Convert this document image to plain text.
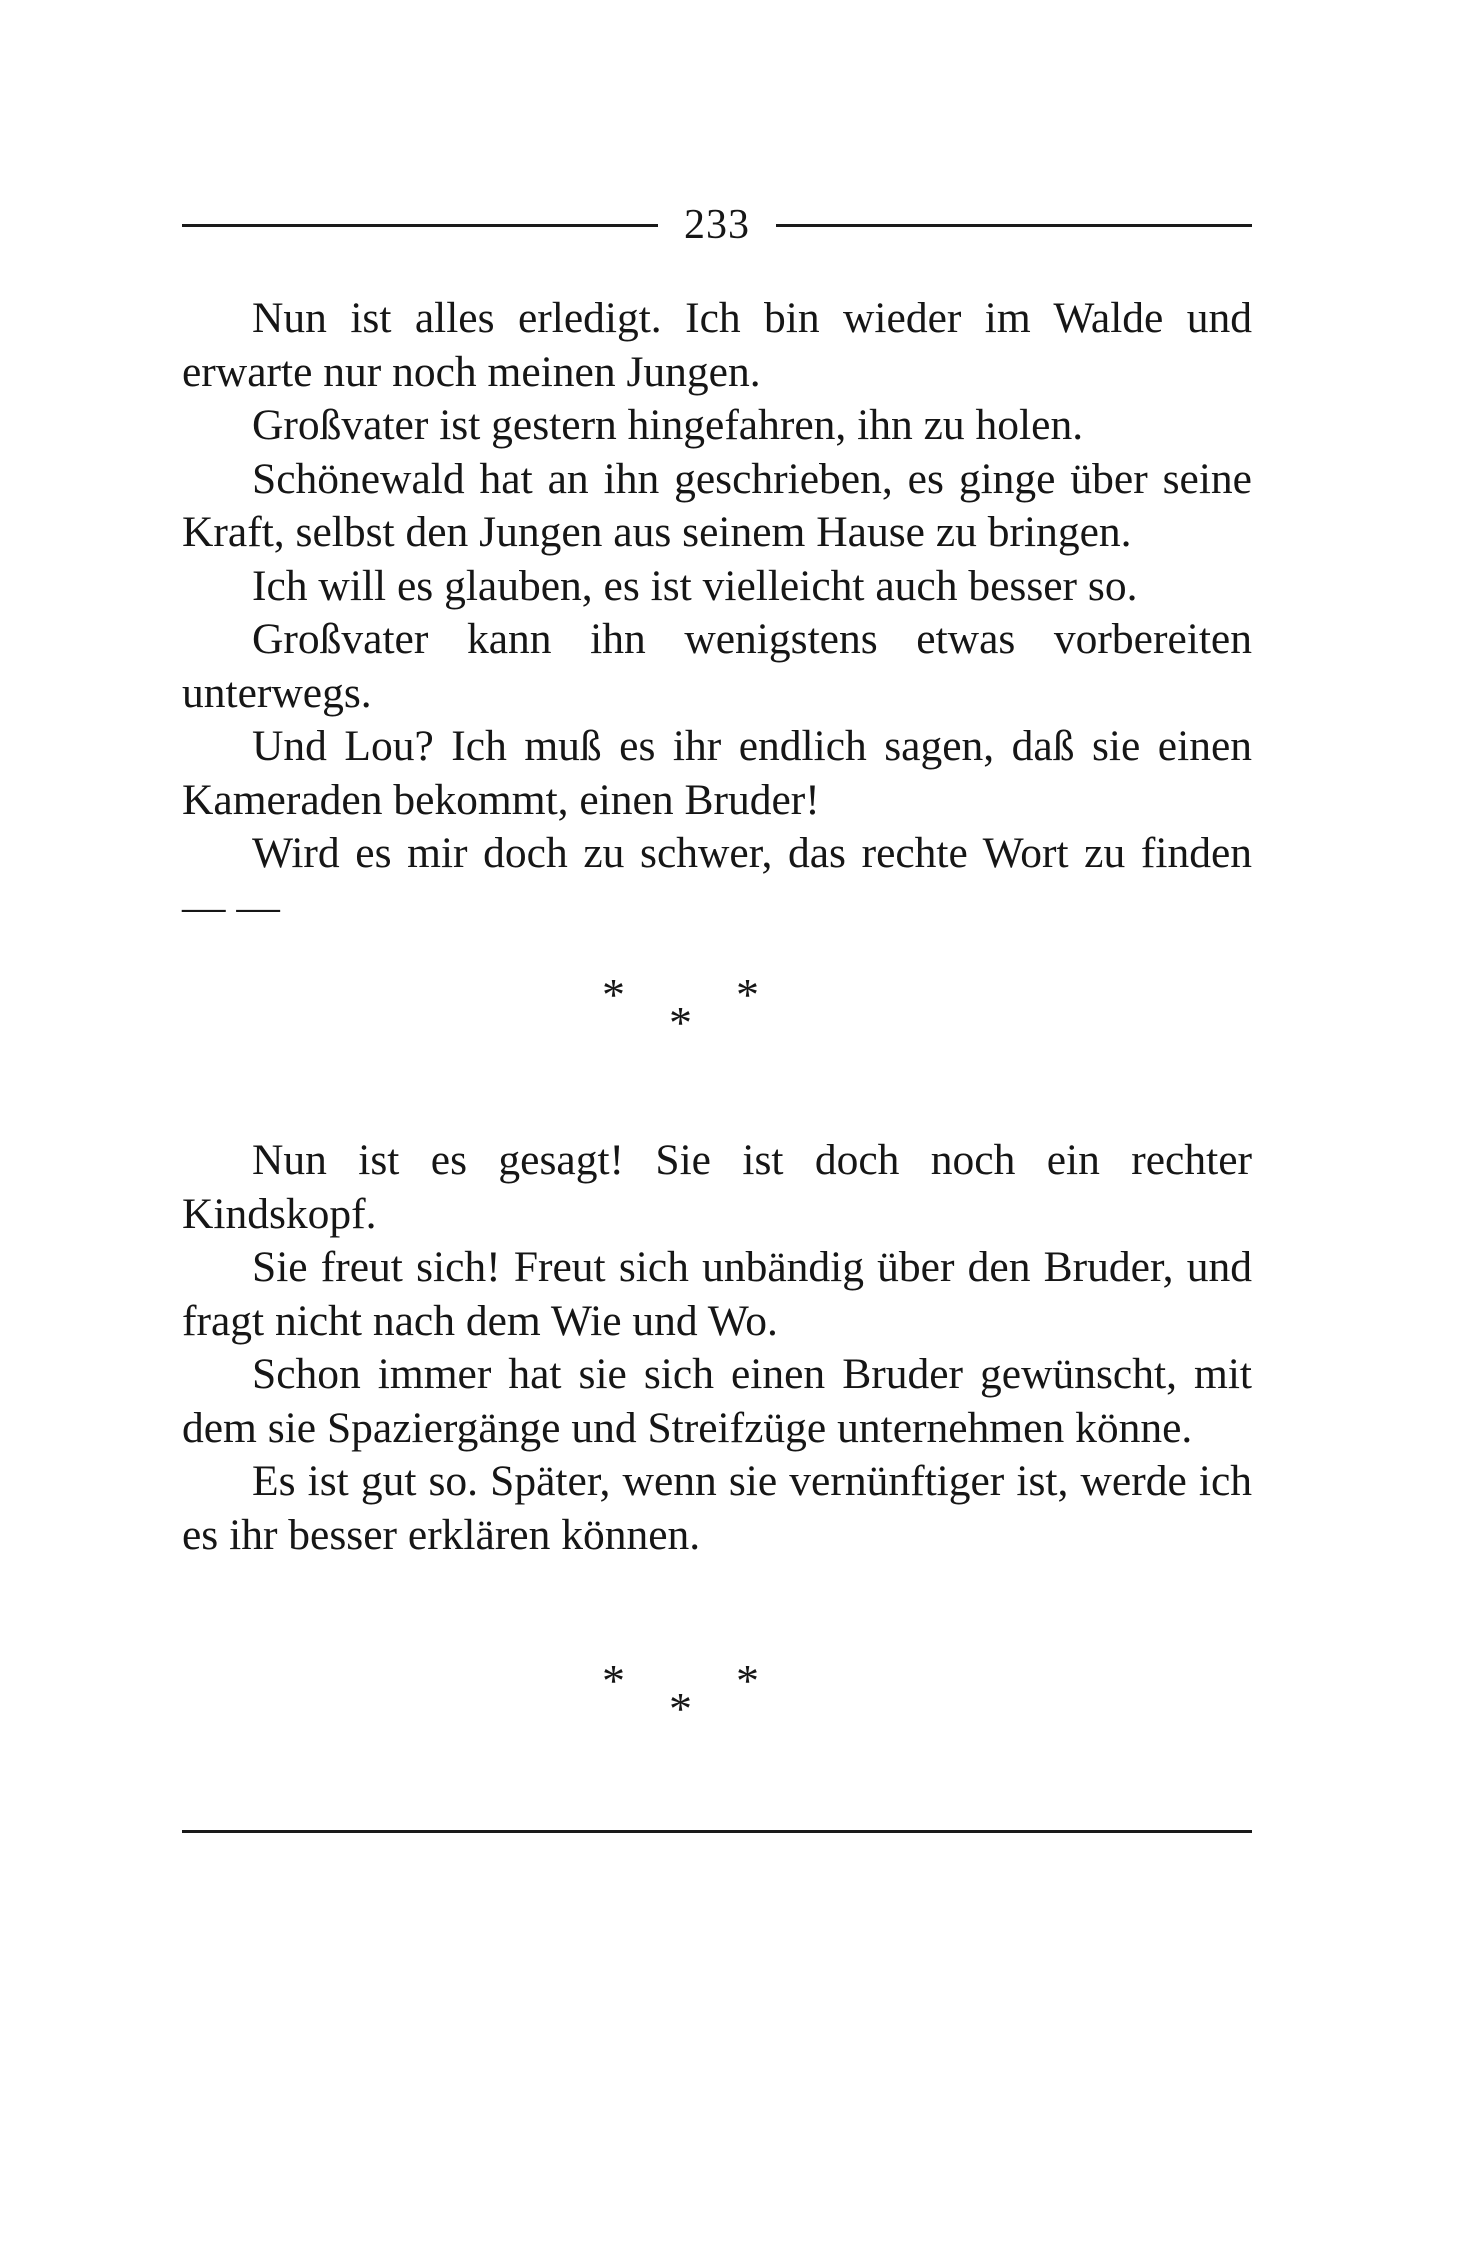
233

Nun ist alles erledigt. Ich bin wieder im Walde und erwarte nur noch meinen Jungen.

Großvater ist gestern hingefahren, ihn zu holen.

Schönewald hat an ihn geschrieben, es ginge über seine Kraft, selbst den Jungen aus seinem Hause zu bringen.

Ich will es glauben, es ist vielleicht auch besser so.

Großvater kann ihn wenigstens etwas vorbereiten unterwegs.

Und Lou? Ich muß es ihr endlich sagen, daß sie einen Kameraden bekommt, einen Bruder!

Wird es mir doch zu schwer, das rechte Wort zu finden — —

* *
*

Nun ist es gesagt! Sie ist doch noch ein rechter Kindskopf.

Sie freut sich! Freut sich unbändig über den Bruder, und fragt nicht nach dem Wie und Wo.

Schon immer hat sie sich einen Bruder gewünscht, mit dem sie Spaziergänge und Streifzüge unternehmen könne.

Es ist gut so. Später, wenn sie vernünftiger ist, werde ich es ihr besser erklären können.

* *
*
